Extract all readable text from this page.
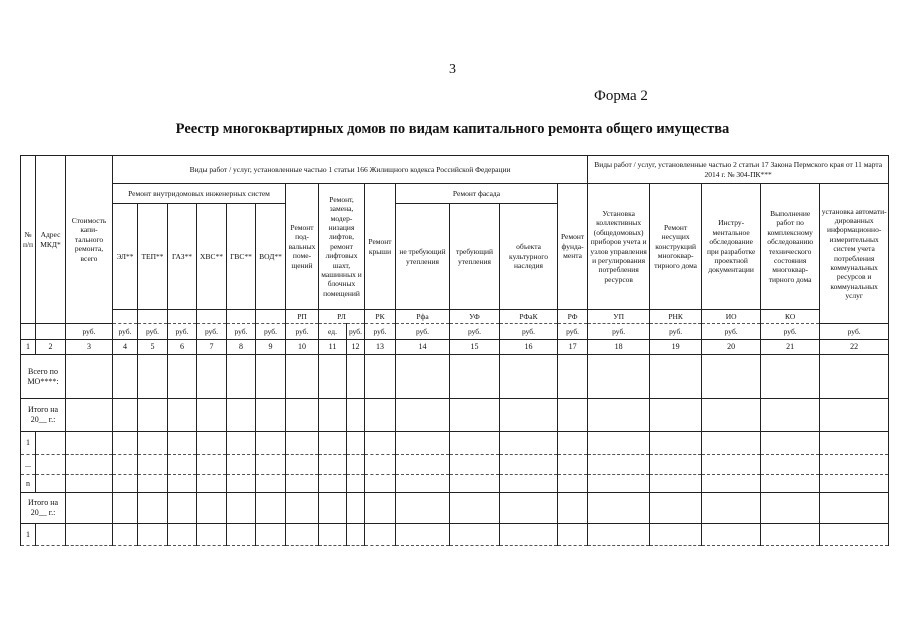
3
Форма 2
Реестр многоквартирных домов по видам капитального ремонта общего имущества
№ п/п	Адрес МКД*	Стоимость капи-тального ремонта, всего	Виды работ / услуг, установленные частью 1 статьи 166 Жилищного кодекса Российской Федерации														Виды работ / услуг, установленные частью 2 статьи 17 Закона Пермского края от 11 марта 2014 г. № 304-ПК***				
			Ремонт внутридомовых инженерных систем						Ремонт под-вальных поме-щений	Ремонт, замена, модер-низация лифтов, ремонт лифтовых шахт, машинных и блочных помещений		Ремонт крыши	Ремонт фасада			Ремонт фунда-мента	Установка коллективных (общедомовых) приборов учета и узлов управления и регулирования потребления ресурсов	Ремонт несущих конструкций многоквар-тирного дома	Инстру-ментальное обследование при разработке проектной документации	Выполнение работ по комплексному обследованию технического состояния многоквар-тирного дома	установка автомати-дированных информационно-измерительных систем учета потребления коммунальных ресурсов и коммунальных услуг
			ЭЛ**	ТЕП**	ГАЗ**	ХВС**	ГВС**	ВОД**					не требующий утепления	требующий утепления	объекта культурного наследия						
									РП	РЛ		РК	Рфа	УФ	РФаК	РФ	УП	РНК	ИО	КО	
		руб.	руб.	руб.	руб.	руб.	руб.	руб.	руб.	ед.	руб.	руб.	руб.	руб.	руб.	руб.	руб.	руб.	руб.	руб.	руб.
1	2	3	4	5	6	7	8	9	10	11	12	13	14	15	16	17	18	19	20	21	22
Всего по МО****:																					
Итого на 20__ г.:																					
1																					
...																					
n																					
Итого на 20__ г.:																					
1																					
